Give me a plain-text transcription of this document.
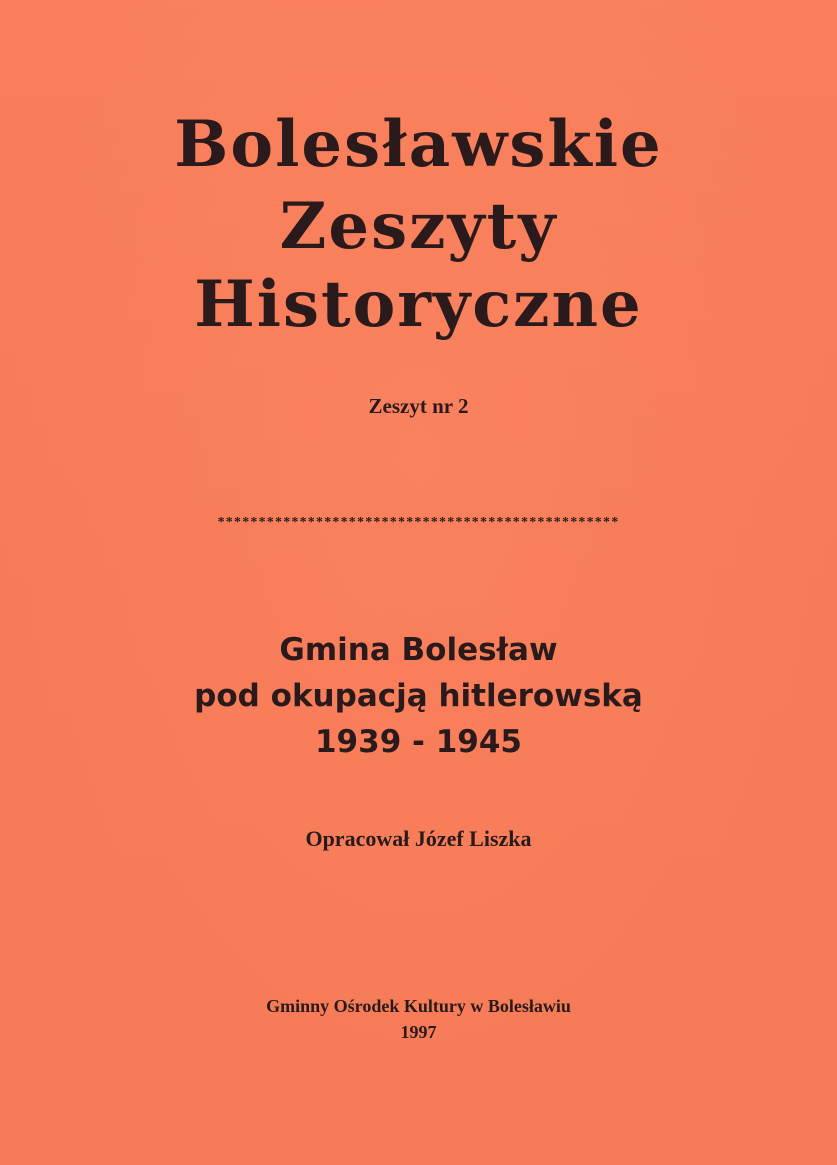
Bolesławskie
Zeszyty
Historyczne
Zeszyt nr 2
*************************************************
Gmina Bolesław
pod okupacją hitlerowską
1939 - 1945
Opracował Józef Liszka
Gminny Ośrodek Kultury w Bolesławiu
1997
